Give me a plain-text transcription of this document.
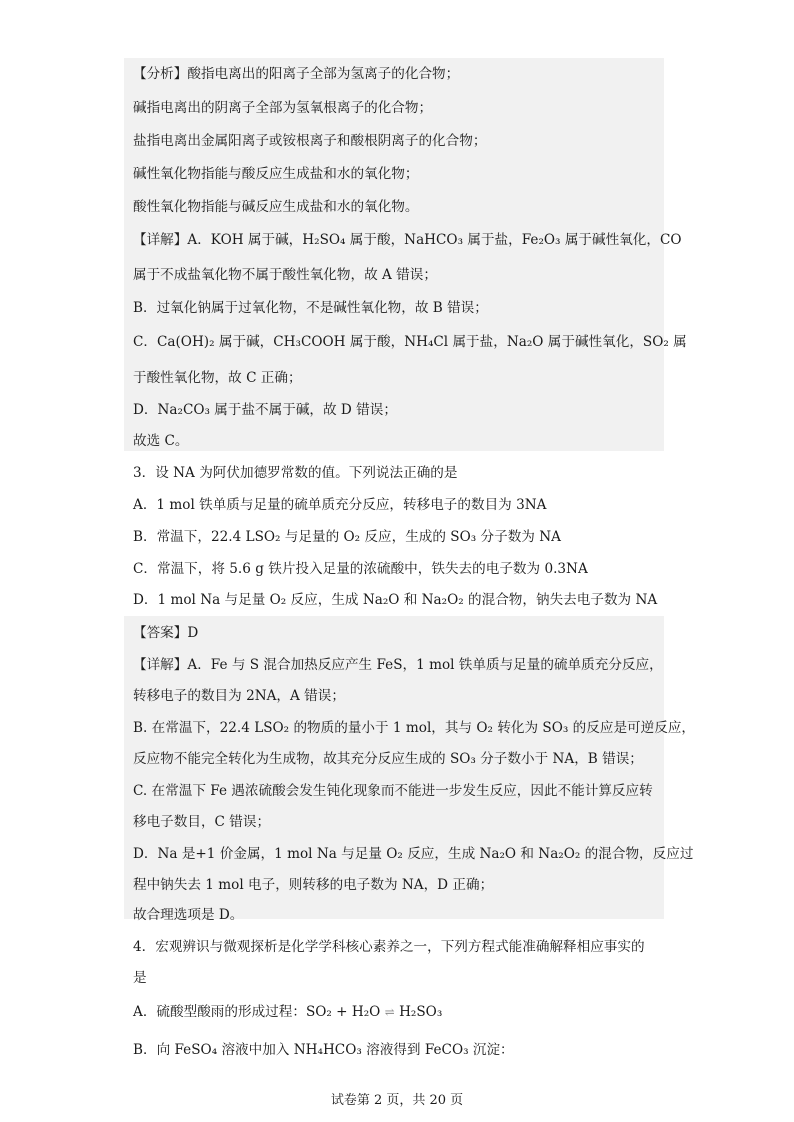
【分析】酸指电离出的阳离子全部为氢离子的化合物；
碱指电离出的阴离子全部为氢氧根离子的化合物；
盐指电离出金属阳离子或铵根离子和酸根阴离子的化合物；
碱性氧化物指能与酸反应生成盐和水的氧化物；
酸性氧化物指能与碱反应生成盐和水的氧化物。
【详解】A．KOH 属于碱，H₂SO₄ 属于酸，NaHCO₃ 属于盐，Fe₂O₃ 属于碱性氧化，CO
属于不成盐氧化物不属于酸性氧化物，故 A 错误；
B．过氧化钠属于过氧化物，不是碱性氧化物，故 B 错误；
C．Ca(OH)₂ 属于碱，CH₃COOH 属于酸，NH₄Cl 属于盐，Na₂O 属于碱性氧化，SO₂ 属
于酸性氧化物，故 C 正确；
D．Na₂CO₃ 属于盐不属于碱，故 D 错误；
故选 C。
3．设 NA 为阿伏加德罗常数的值。下列说法正确的是
A．1 mol 铁单质与足量的硫单质充分反应，转移电子的数目为 3NA
B．常温下，22.4 LSO₂ 与足量的 O₂ 反应，生成的 SO₃ 分子数为 NA
C．常温下，将 5.6 g 铁片投入足量的浓硫酸中，铁失去的电子数为 0.3NA
D．1 mol Na 与足量 O₂ 反应，生成 Na₂O 和 Na₂O₂ 的混合物，钠失去电子数为 NA
【答案】D
【详解】A．Fe 与 S 混合加热反应产生 FeS，1 mol 铁单质与足量的硫单质充分反应，
转移电子的数目为 2NA，A 错误；
B. 在常温下，22.4 LSO₂ 的物质的量小于 1 mol，其与 O₂ 转化为 SO₃ 的反应是可逆反应，
反应物不能完全转化为生成物，故其充分反应生成的 SO₃ 分子数小于 NA，B 错误；
C. 在常温下 Fe 遇浓硫酸会发生钝化现象而不能进一步发生反应，因此不能计算反应转
移电子数目，C 错误；
D．Na 是+1 价金属，1 mol Na 与足量 O₂ 反应，生成 Na₂O 和 Na₂O₂ 的混合物，反应过
程中钠失去 1 mol 电子，则转移的电子数为 NA，D 正确；
故合理选项是 D。
4．宏观辨识与微观探析是化学学科核心素养之一，下列方程式能准确解释相应事实的
是
A．硫酸型酸雨的形成过程：SO₂ + H₂O ⇌ H₂SO₃
B．向 FeSO₄ 溶液中加入 NH₄HCO₃ 溶液得到 FeCO₃ 沉淀：
试卷第 2 页，共 20 页
